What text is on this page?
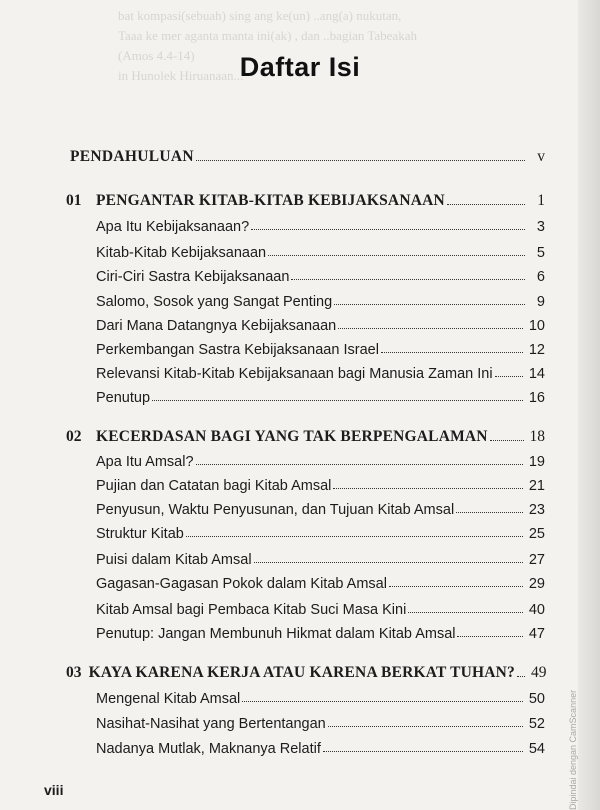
bat kompasi(sebuah) sing ang ke(un) ..ang(a) nukutan,
Taaa ke mer aganta manta ini(ak) , dan ..bagian Tabeakah
(Amos 4.4-14)
in Hunolek Hiruanaan...
Daftar Isi
PENDAHULUAN	v
01 PENGANTAR KITAB-KITAB KEBIJAKSANAAN	1
Apa Itu Kebijaksanaan?	3
Kitab-Kitab Kebijaksanaan	5
Ciri-Ciri Sastra Kebijaksanaan	6
Salomo, Sosok yang Sangat Penting	9
Dari Mana Datangnya Kebijaksanaan	10
Perkembangan Sastra Kebijaksanaan Israel	12
Relevansi Kitab-Kitab Kebijaksanaan bagi Manusia Zaman Ini	14
Penutup	16
02 KECERDASAN BAGI YANG TAK BERPENGALAMAN	18
Apa Itu Amsal?	19
Pujian dan Catatan bagi Kitab Amsal	21
Penyusun, Waktu Penyusunan, dan Tujuan Kitab Amsal	23
Struktur Kitab	25
Puisi dalam Kitab Amsal	27
Gagasan-Gagasan Pokok dalam Kitab Amsal	29
Kitab Amsal bagi Pembaca Kitab Suci Masa Kini	40
Penutup: Jangan Membunuh Hikmat dalam Kitab Amsal	47
03 KAYA KARENA KERJA ATAU KARENA BERKAT TUHAN? 49
Mengenal Kitab Amsal	50
Nasihat-Nasihat yang Bertentangan	52
Nadanya Mutlak, Maknanya Relatif	54
viii	Dipindai dengan CamScanner
